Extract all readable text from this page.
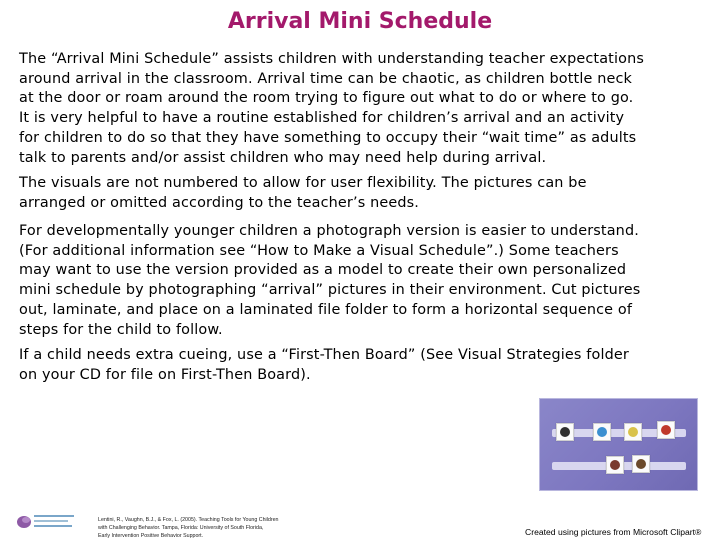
Arrival Mini Schedule

The “Arrival Mini Schedule” assists children with understanding teacher expectations
around arrival in the classroom. Arrival time can be chaotic, as children bottle neck
at the door or roam around the room trying to figure out what to do or where to go.
It is very helpful to have a routine established for children’s arrival and an activity
for children to do so that they have something to occupy their “wait time” as adults
talk to parents and/or assist children who may need help during arrival.

The visuals are not numbered to allow for user flexibility. The pictures can be
arranged or omitted according to the teacher’s needs.

For developmentally younger children a photograph version is easier to understand.
(For additional information see “How to Make a Visual Schedule”.) Some teachers
may want to use the version provided as a model to create their own personalized
mini schedule by photographing “arrival” pictures in their environment. Cut pictures
out, laminate, and place on a laminated file folder to form a horizontal sequence of
steps for the child to follow.

If a child needs extra cueing, use a “First-Then Board” (See Visual Strategies folder
on your CD for file on First-Then Board).

Lentini, R., Vaughn, B.J., & Fox, L. (2005). Teaching Tools for Young Children
with Challenging Behavior. Tampa, Florida: University of South Florida,
Early Intervention Positive Behavior Support.	Created using pictures from Microsoft Clipart®
